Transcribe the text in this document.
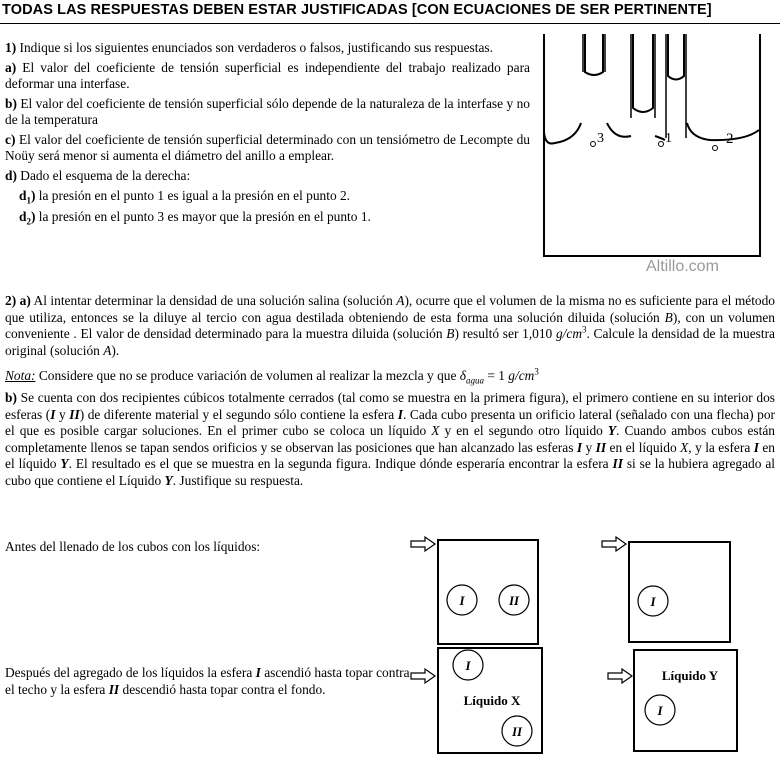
TODAS LAS RESPUESTAS DEBEN ESTAR JUSTIFICADAS [CON ECUACIONES DE SER PERTINENTE]
1) Indique si los siguientes enunciados son verdaderos o falsos, justificando sus respuestas.
a) El valor del coeficiente de tensión superficial es independiente del trabajo realizado para deformar una interfase.
b) El valor del coeficiente de tensión superficial sólo depende de la naturaleza de la interfase y no de la temperatura
c) El valor del coeficiente de tensión superficial determinado con un tensiómetro de Lecompte du Noüy será menor si aumenta el diámetro del anillo a emplear.
d) Dado el esquema de la derecha:
$d_1$) la presión en el punto 1 es igual a la presión en el punto 2.
$d_2$) la presión en el punto 3 es mayor que la presión en el punto 1.
3	1	2
Altillo.com
2) a) Al intentar determinar la densidad de una solución salina (solución A), ocurre que el volumen de la misma no es suficiente para el método que utiliza, entonces se la diluye al tercio con agua destilada obteniendo de esta forma una solución diluida (solución B), con un volumen conveniente . El valor de densidad determinado para la muestra diluida (solución B) resultó ser 1,010 $g/cm^3$. Calcule la densidad de la muestra original (solución A).
Nota: Considere que no se produce variación de volumen al realizar la mezcla y que $\delta_{agua} = 1$ $g/cm^3$
b) Se cuenta con dos recipientes cúbicos totalmente cerrados (tal como se muestra en la primera figura), el primero contiene en su interior dos esferas (I y II) de diferente material y el segundo sólo contiene la esfera I. Cada cubo presenta un orificio lateral (señalado con una flecha) por el que es posible cargar soluciones. En el primer cubo se coloca un líquido X y en el segundo otro líquido Y. Cuando ambos cubos están completamente llenos se tapan sendos orificios y se observan las posiciones que han alcanzado las esferas I y II en el líquido X, y la esfera I en el líquido Y. El resultado es el que se muestra en la segunda figura. Indique dónde esperaría encontrar la esfera II si se la hubiera agregado al cubo que contiene el Líquido Y. Justifique su respuesta.
Antes del llenado de los cubos con los líquidos:
Después del agregado de los líquidos la esfera I ascendió hasta topar contra el techo y la esfera II descendió hasta topar contra el fondo.
I	II	I
I
II
I
Líquido X
Líquido Y
